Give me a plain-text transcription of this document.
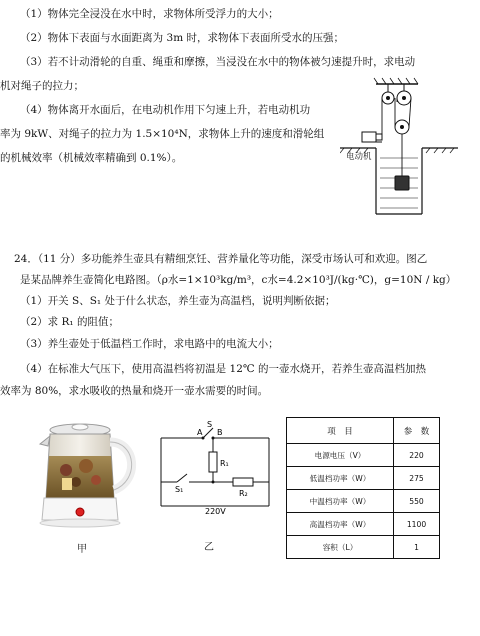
（1）物体完全浸没在水中时，求物体所受浮力的大小；
（2）物体下表面与水面距离为 3m 时，求物体下表面所受水的压强；
（3）若不计动滑轮的自重、绳重和摩擦，当浸没在水中的物体被匀速提升时，求电动
机对绳子的拉力；
（4）物体离开水面后，在电动机作用下匀速上升，若电动机功
率为 9kW、对绳子的拉力为 1.5×10⁴N，求物体上升的速度和滑轮组
的机械效率（机械效率精确到 0.1%）。	电动机
24．（11 分）多功能养生壶具有精细烹饪、营养量化等功能，深受市场认可和欢迎。图乙
是某品牌养生壶简化电路图。（ρ水=1×10³kg/m³，c水=4.2×10³J/(kg·℃)，g=10N / kg）
（1）开关 S、S₁ 处于什么状态，养生壶为高温档，说明判断依据；
（2）求 R₁ 的阻值；
（3）养生壶处于低温档工作时，求电路中的电流大小；
（4）在标准大气压下，使用高温档将初温是 12℃ 的一壶水烧开，若养生壶高温档加热
效率为 80%，求水吸收的热量和烧开一壶水需要的时间。
甲
A B
S
S₁
R₁
R₂
220V
乙
项　目	参　数
电源电压（V）	220
低温档功率（W）	275
中温档功率（W）	550
高温档功率（W）	1100
容积（L）	1
